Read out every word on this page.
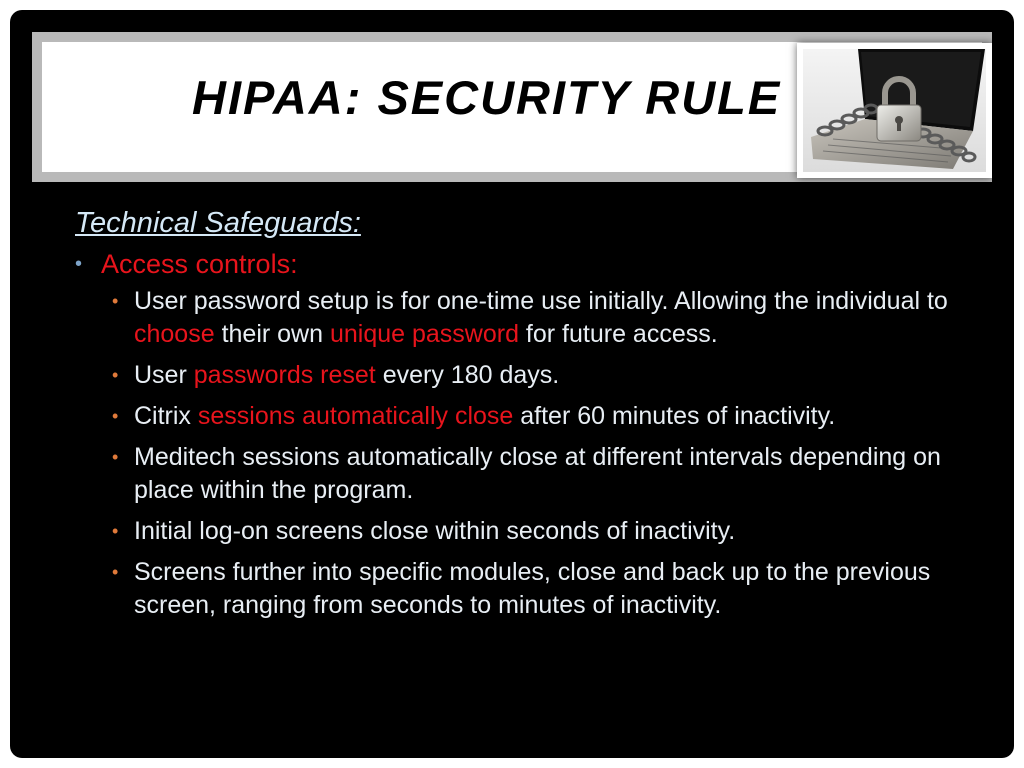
HIPAA: SECURITY RULE
Technical Safeguards:
• Access controls:
• User password setup is for one-time use initially. Allowing the individual to choose their own unique password for future access.
• User passwords reset every 180 days.
• Citrix sessions automatically close after 60 minutes of inactivity.
• Meditech sessions automatically close at different intervals depending on place within the program.
• Initial log-on screens close within seconds of inactivity.
• Screens further into specific modules, close and back up to the previous screen, ranging from seconds to minutes of inactivity.
